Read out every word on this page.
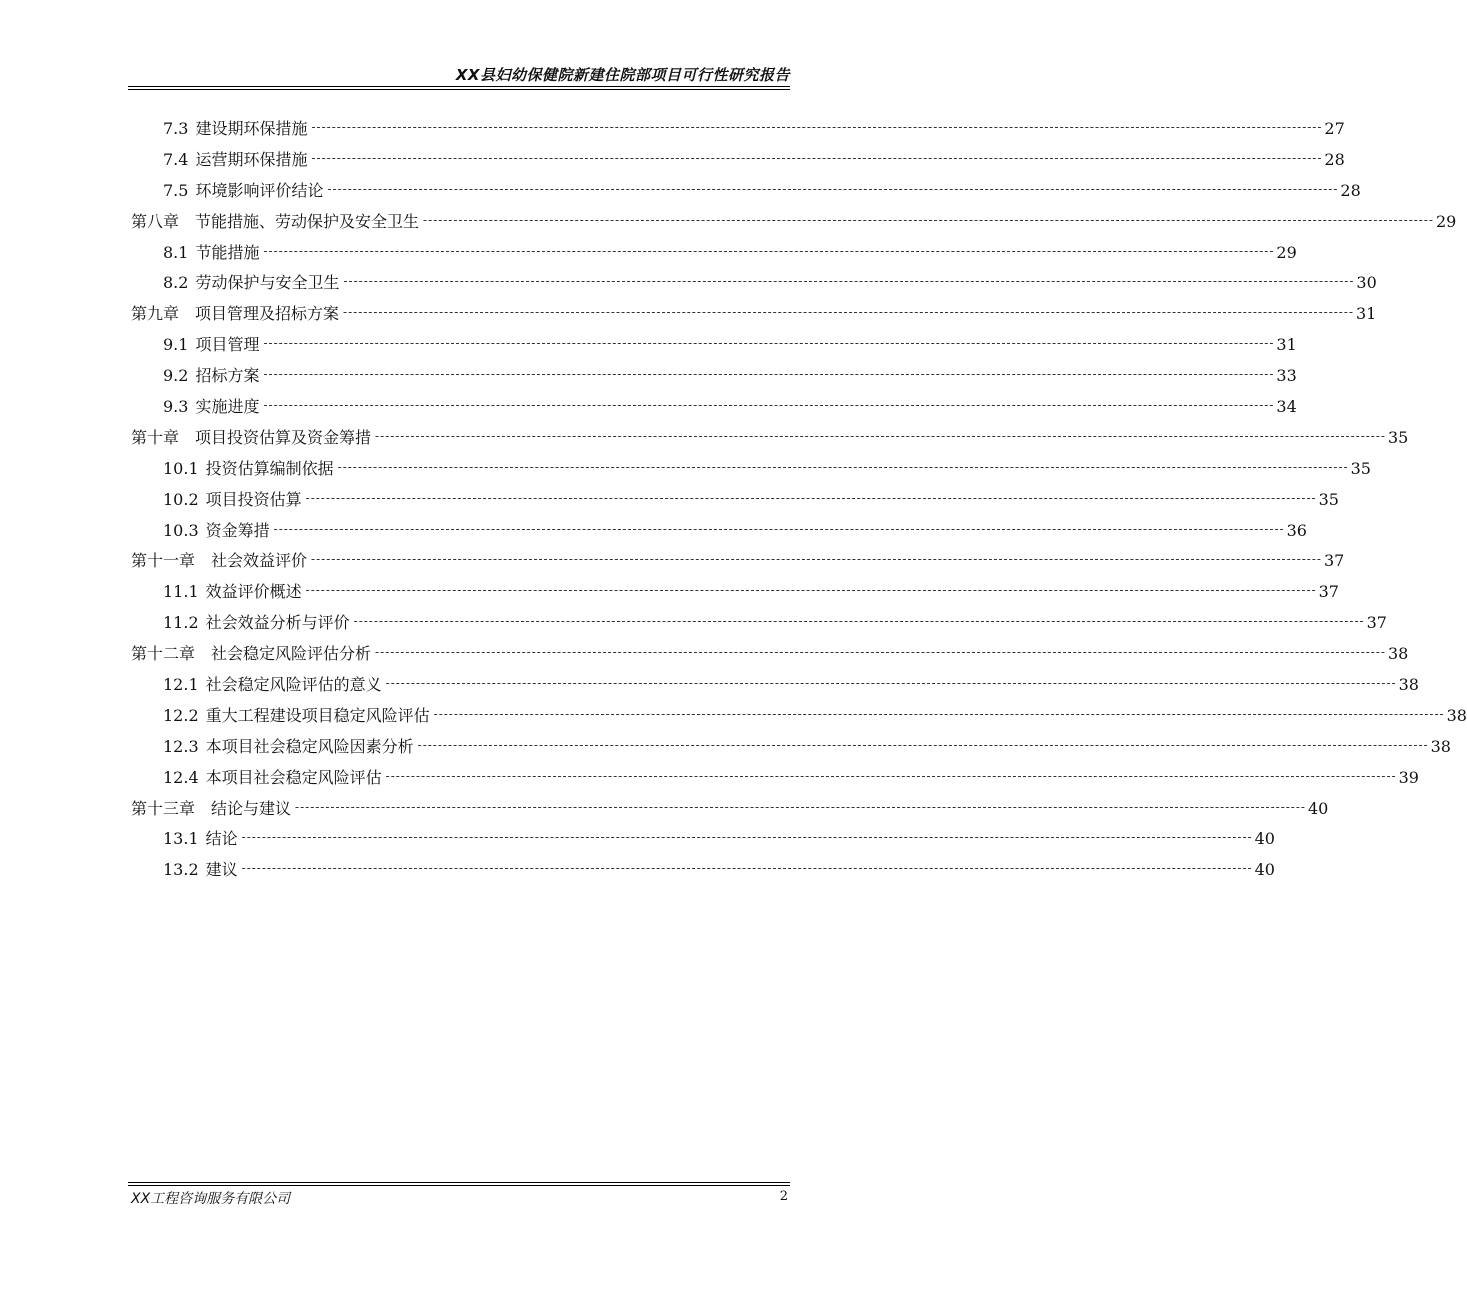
XX县妇幼保健院新建住院部项目可行性研究报告
7.3 建设期环保措施 -------------------------------------------------------------------------------------------------------------------------------------------------------------------------------------------------------- 27
7.4 运营期环保措施 -------------------------------------------------------------------------------------------------------------------------------------------------------------------------------------------------------- 28
7.5 环境影响评价结论 -------------------------------------------------------------------------------------------------------------------------------------------------------------------------------------------------------- 28
第八章	节能措施、劳动保护及安全卫生 -------------------------------------------------------------------------------------------------------------------------------------------------------------------------------------------------------- 29
8.1 节能措施 -------------------------------------------------------------------------------------------------------------------------------------------------------------------------------------------------------- 29
8.2 劳动保护与安全卫生 -------------------------------------------------------------------------------------------------------------------------------------------------------------------------------------------------------- 30
第九章	项目管理及招标方案 -------------------------------------------------------------------------------------------------------------------------------------------------------------------------------------------------------- 31
9.1 项目管理 -------------------------------------------------------------------------------------------------------------------------------------------------------------------------------------------------------- 31
9.2 招标方案 -------------------------------------------------------------------------------------------------------------------------------------------------------------------------------------------------------- 33
9.3 实施进度 -------------------------------------------------------------------------------------------------------------------------------------------------------------------------------------------------------- 34
第十章	项目投资估算及资金筹措 -------------------------------------------------------------------------------------------------------------------------------------------------------------------------------------------------------- 35
10.1 投资估算编制依据 -------------------------------------------------------------------------------------------------------------------------------------------------------------------------------------------------------- 35
10.2 项目投资估算 -------------------------------------------------------------------------------------------------------------------------------------------------------------------------------------------------------- 35
10.3 资金筹措 -------------------------------------------------------------------------------------------------------------------------------------------------------------------------------------------------------- 36
第十一章	社会效益评价 -------------------------------------------------------------------------------------------------------------------------------------------------------------------------------------------------------- 37
11.1 效益评价概述 -------------------------------------------------------------------------------------------------------------------------------------------------------------------------------------------------------- 37
11.2 社会效益分析与评价 -------------------------------------------------------------------------------------------------------------------------------------------------------------------------------------------------------- 37
第十二章	社会稳定风险评估分析 -------------------------------------------------------------------------------------------------------------------------------------------------------------------------------------------------------- 38
12.1 社会稳定风险评估的意义 -------------------------------------------------------------------------------------------------------------------------------------------------------------------------------------------------------- 38
12.2 重大工程建设项目稳定风险评估 -------------------------------------------------------------------------------------------------------------------------------------------------------------------------------------------------------- 38
12.3 本项目社会稳定风险因素分析 -------------------------------------------------------------------------------------------------------------------------------------------------------------------------------------------------------- 38
12.4 本项目社会稳定风险评估 -------------------------------------------------------------------------------------------------------------------------------------------------------------------------------------------------------- 39
第十三章	结论与建议 -------------------------------------------------------------------------------------------------------------------------------------------------------------------------------------------------------- 40
13.1 结论 -------------------------------------------------------------------------------------------------------------------------------------------------------------------------------------------------------- 40
13.2 建议 -------------------------------------------------------------------------------------------------------------------------------------------------------------------------------------------------------- 40
XX工程咨询服务有限公司	2
